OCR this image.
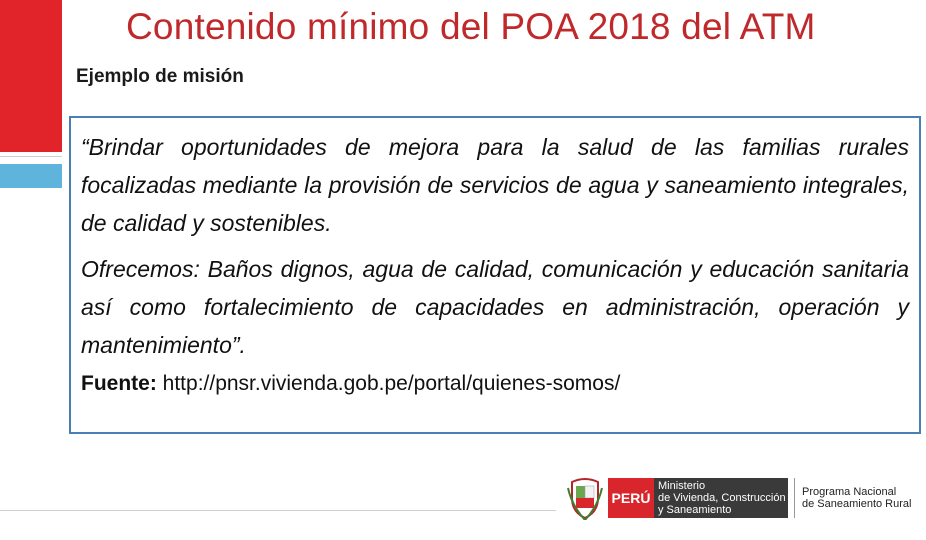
Contenido mínimo del POA 2018 del ATM
Ejemplo de misión

“Brindar oportunidades de mejora para la salud de las familias rurales focalizadas mediante la provisión de servicios de agua y saneamiento integrales, de calidad y sostenibles.

Ofrecemos: Baños dignos, agua de calidad, comunicación y educación sanitaria así como fortalecimiento de capacidades en administración, operación y mantenimiento”.

Fuente: http://pnsr.vivienda.gob.pe/portal/quienes-somos/
PERÚ
Ministerio
de Vivienda, Construcción
y Saneamiento
Programa Nacional
de Saneamiento Rural
